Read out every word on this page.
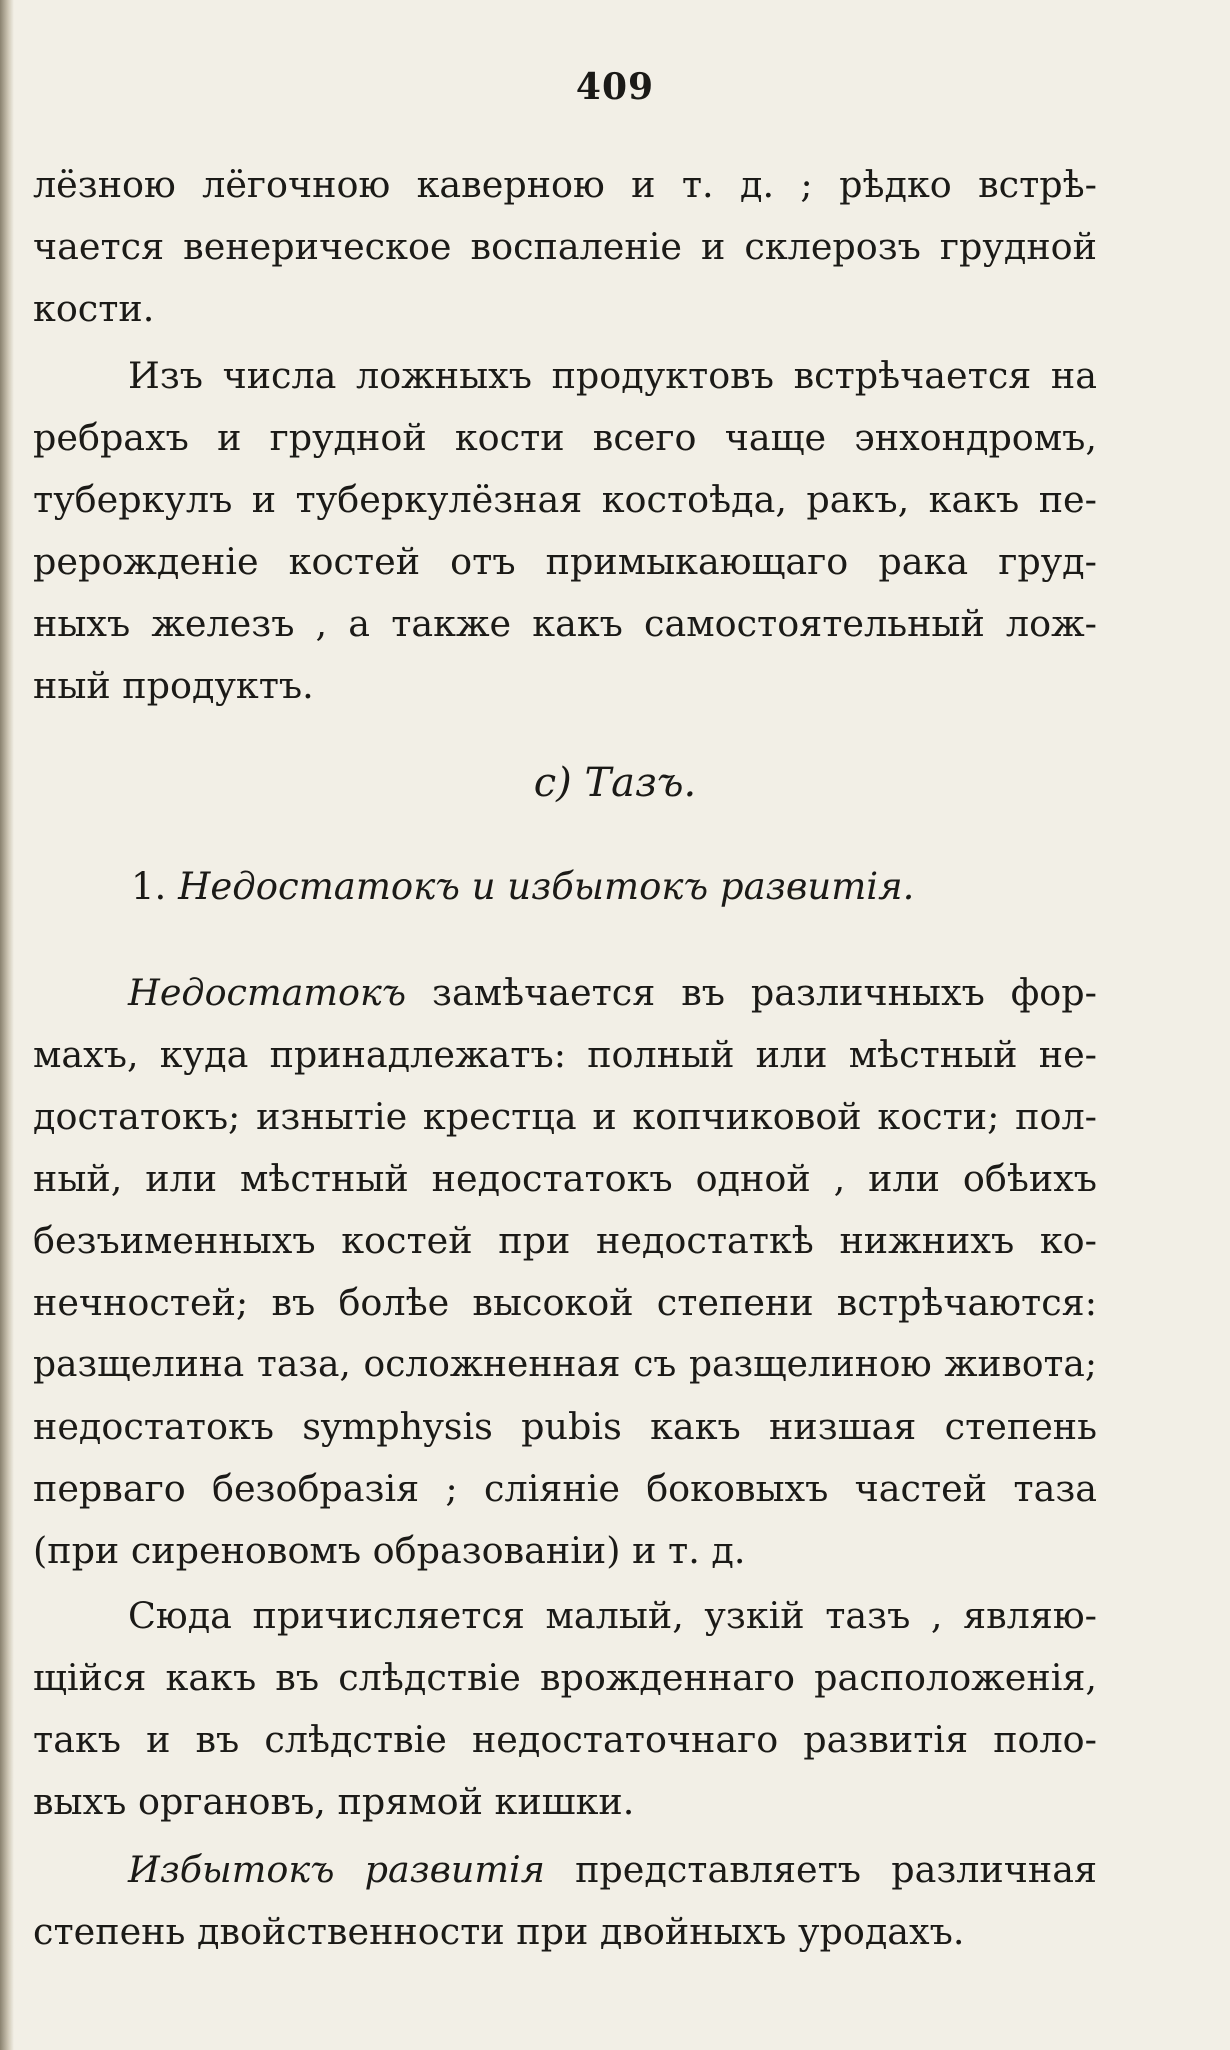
409

лёзною лёгочною каверною и т. д. ; рѣдко встрѣ-
чается венерическое воспаленіе и склерозъ грудной
кости.

Изъ числа ложныхъ продуктовъ встрѣчается на
ребрахъ и грудной кости всего чаще энхондромъ,
туберкулъ и туберкулёзная костоѣда, ракъ, какъ пе-
рерожденіе костей отъ примыкающаго рака груд-
ныхъ железъ , а также какъ самостоятельный лож-
ный продуктъ.

c) Тазъ.
1. Недостатокъ и избытокъ развитія.

Недостатокъ замѣчается въ различныхъ фор-
махъ, куда принадлежатъ: полный или мѣстный не-
достатокъ; изнытіе крестца и копчиковой кости; пол-
ный, или мѣстный недостатокъ одной , или обѣихъ
безъименныхъ костей при недостаткѣ нижнихъ ко-
нечностей; въ болѣе высокой степени встрѣчаются:
разщелина таза, осложненная съ разщелиною живота;
недостатокъ symphysis pubis какъ низшая степень
перваго безобразія ; сліяніе боковыхъ частей таза
(при сиреновомъ образованіи) и т. д.

Сюда причисляется малый, узкій тазъ , являю-
щійся какъ въ слѣдствіе врожденнаго расположенія,
такъ и въ слѣдствіе недостаточнаго развитія поло-
выхъ органовъ, прямой кишки.

Избытокъ развитія представляетъ различная
степень двойственности при двойныхъ уродахъ.
